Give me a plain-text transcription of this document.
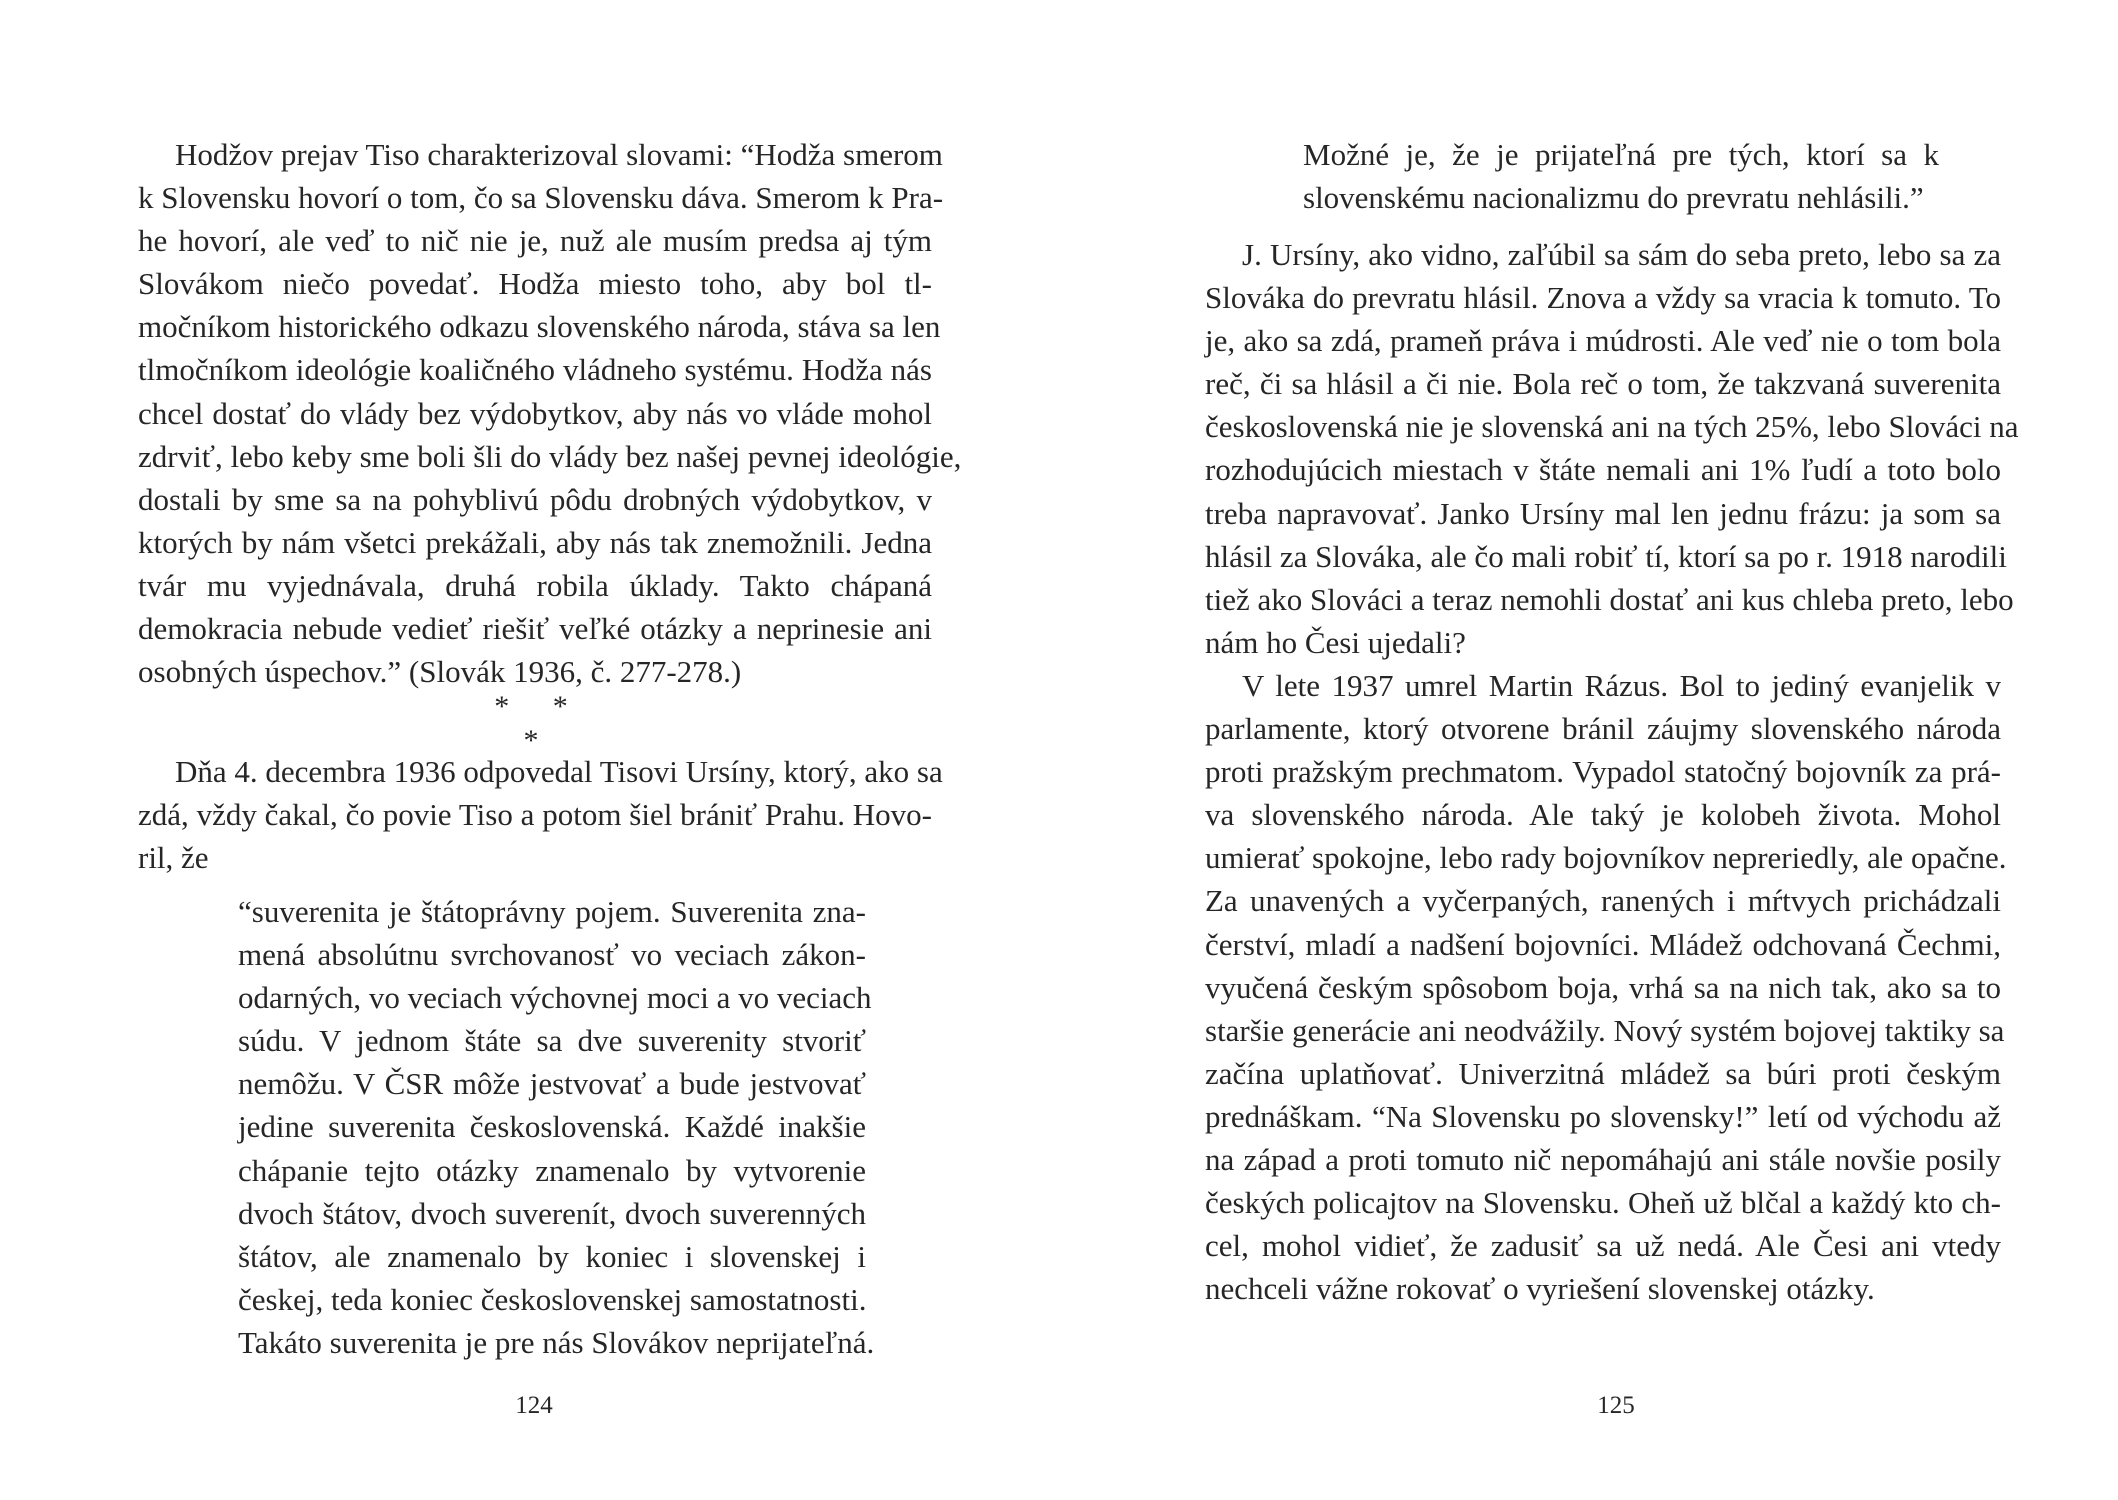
Hodžov prejav Tiso charakterizoval slovami: “Hodža smerom
k Slovensku hovorí o tom, čo sa Slovensku dáva. Smerom k Pra-
he hovorí, ale veď to nič nie je, nuž ale musím predsa aj tým
Slovákom niečo povedať. Hodža miesto toho, aby bol tl-
močníkom historického odkazu slovenského národa, stáva sa len
tlmočníkom ideológie koaličného vládneho systému. Hodža nás
chcel dostať do vlády bez výdobytkov, aby nás vo vláde mohol
zdrviť, lebo keby sme boli šli do vlády bez našej pevnej ideológie,
dostali by sme sa na pohyblivú pôdu drobných výdobytkov, v
ktorých by nám všetci prekážali, aby nás tak znemožnili. Jedna
tvár mu vyjednávala, druhá robila úklady. Takto chápaná
demokracia nebude vedieť riešiť veľké otázky a neprinesie ani
osobných úspechov.” (Slovák 1936, č. 277-278.)
* * *
Dňa 4. decembra 1936 odpovedal Tisovi Ursíny, ktorý, ako sa
zdá, vždy čakal, čo povie Tiso a potom šiel brániť Prahu. Hovo-
ril, že
“suverenita je štátoprávny pojem. Suverenita zna-
mená absolútnu svrchovanosť vo veciach zákon-
odarných, vo veciach výchovnej moci a vo veciach
súdu. V jednom štáte sa dve suverenity stvoriť
nemôžu. V ČSR môže jestvovať a bude jestvovať
jedine suverenita československá. Každé inakšie
chápanie tejto otázky znamenalo by vytvorenie
dvoch štátov, dvoch suverenít, dvoch suverenných
štátov, ale znamenalo by koniec i slovenskej i
českej, teda koniec československej samostatnosti.
Takáto suverenita je pre nás Slovákov neprijateľná.
124
Možné je, že je prijateľná pre tých, ktorí sa k
slovenskému nacionalizmu do prevratu nehlásili.”
J. Ursíny, ako vidno, zaľúbil sa sám do seba preto, lebo sa za
Slováka do prevratu hlásil. Znova a vždy sa vracia k tomuto. To
je, ako sa zdá, prameň práva i múdrosti. Ale veď nie o tom bola
reč, či sa hlásil a či nie. Bola reč o tom, že takzvaná suverenita
československá nie je slovenská ani na tých 25%, lebo Slováci na
rozhodujúcich miestach v štáte nemali ani 1% ľudí a toto bolo
treba napravovať. Janko Ursíny mal len jednu frázu: ja som sa
hlásil za Slováka, ale čo mali robiť tí, ktorí sa po r. 1918 narodili
tiež ako Slováci a teraz nemohli dostať ani kus chleba preto, lebo
nám ho Česi ujedali?
V lete 1937 umrel Martin Rázus. Bol to jediný evanjelik v
parlamente, ktorý otvorene bránil záujmy slovenského národa
proti pražským prechmatom. Vypadol statočný bojovník za prá-
va slovenského národa. Ale taký je kolobeh života. Mohol
umierať spokojne, lebo rady bojovníkov nepreriedly, ale opačne.
Za unavených a vyčerpaných, ranených i mŕtvych prichádzali
čerství, mladí a nadšení bojovníci. Mládež odchovaná Čechmi,
vyučená českým spôsobom boja, vrhá sa na nich tak, ako sa to
staršie generácie ani neodvážily. Nový systém bojovej taktiky sa
začína uplatňovať. Univerzitná mládež sa búri proti českým
prednáškam. “Na Slovensku po slovensky!” letí od východu až
na západ a proti tomuto nič nepomáhajú ani stále novšie posily
českých policajtov na Slovensku. Oheň už blčal a každý kto ch-
cel, mohol vidieť, že zadusiť sa už nedá. Ale Česi ani vtedy
nechceli vážne rokovať o vyriešení slovenskej otázky.
125
